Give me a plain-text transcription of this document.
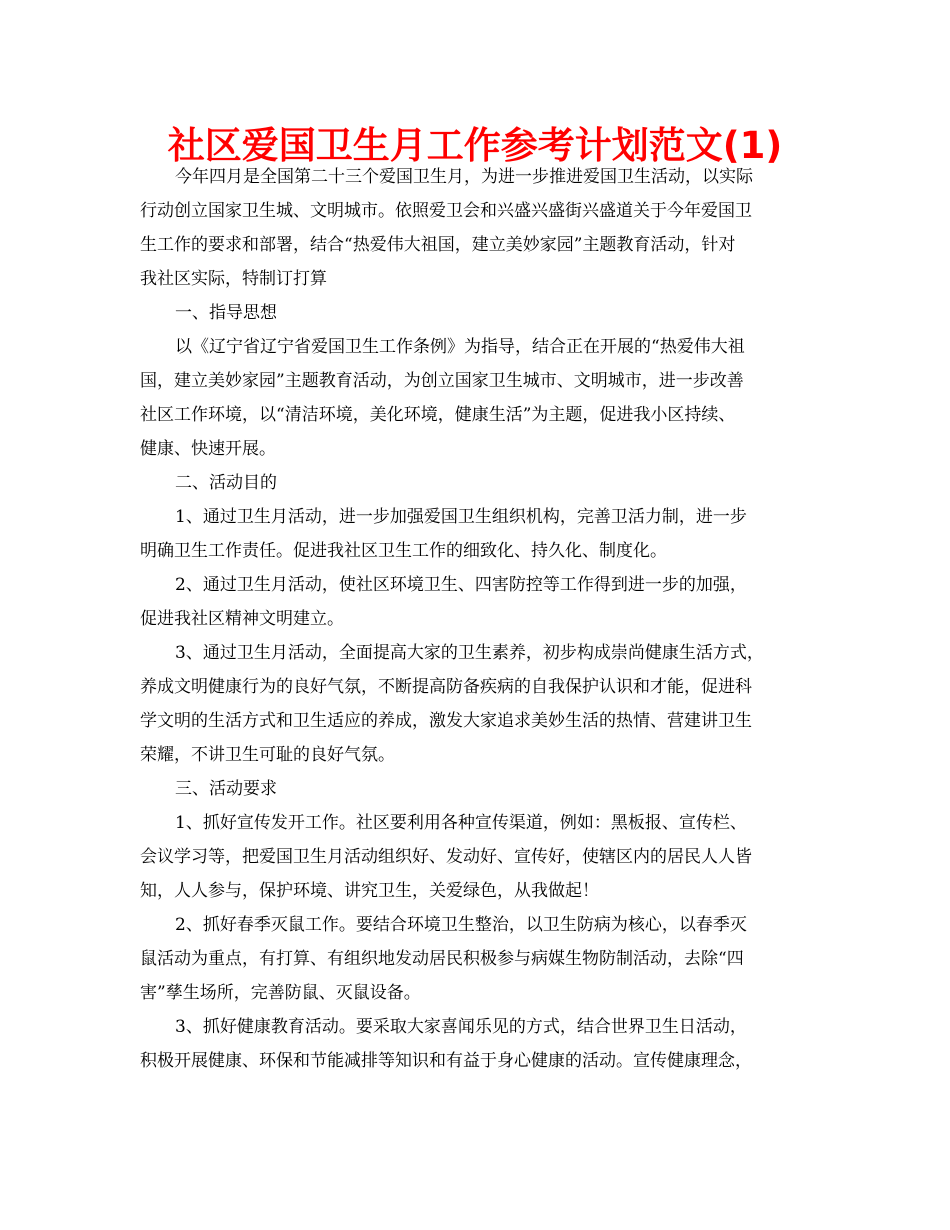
社区爱国卫生月工作参考计划范文(1)
今年四月是全国第二十三个爱国卫生月，为进一步推进爱国卫生活动，以实际
行动创立国家卫生城、文明城市。依照爱卫会和兴盛兴盛街兴盛道关于今年爱国卫
生工作的要求和部署，结合“热爱伟大祖国，建立美妙家园”主题教育活动，针对
我社区实际，特制订打算
一、指导思想
以《辽宁省辽宁省爱国卫生工作条例》为指导，结合正在开展的“热爱伟大祖
国，建立美妙家园”主题教育活动，为创立国家卫生城市、文明城市，进一步改善
社区工作环境，以“清洁环境，美化环境，健康生活”为主题，促进我小区持续、
健康、快速开展。
二、活动目的
1、通过卫生月活动，进一步加强爱国卫生组织机构，完善卫活力制，进一步
明确卫生工作责任。促进我社区卫生工作的细致化、持久化、制度化。
2、通过卫生月活动，使社区环境卫生、四害防控等工作得到进一步的加强，
促进我社区精神文明建立。
3、通过卫生月活动，全面提高大家的卫生素养，初步构成崇尚健康生活方式，
养成文明健康行为的良好气氛，不断提高防备疾病的自我保护认识和才能，促进科
学文明的生活方式和卫生适应的养成，激发大家追求美妙生活的热情、营建讲卫生
荣耀，不讲卫生可耻的良好气氛。
三、活动要求
1、抓好宣传发开工作。社区要利用各种宣传渠道，例如：黑板报、宣传栏、
会议学习等，把爱国卫生月活动组织好、发动好、宣传好，使辖区内的居民人人皆
知，人人参与，保护环境、讲究卫生，关爱绿色，从我做起！
2、抓好春季灭鼠工作。要结合环境卫生整治，以卫生防病为核心，以春季灭
鼠活动为重点，有打算、有组织地发动居民积极参与病媒生物防制活动，去除“四
害”孳生场所，完善防鼠、灭鼠设备。
3、抓好健康教育活动。要采取大家喜闻乐见的方式，结合世界卫生日活动，
积极开展健康、环保和节能减排等知识和有益于身心健康的活动。宣传健康理念，
